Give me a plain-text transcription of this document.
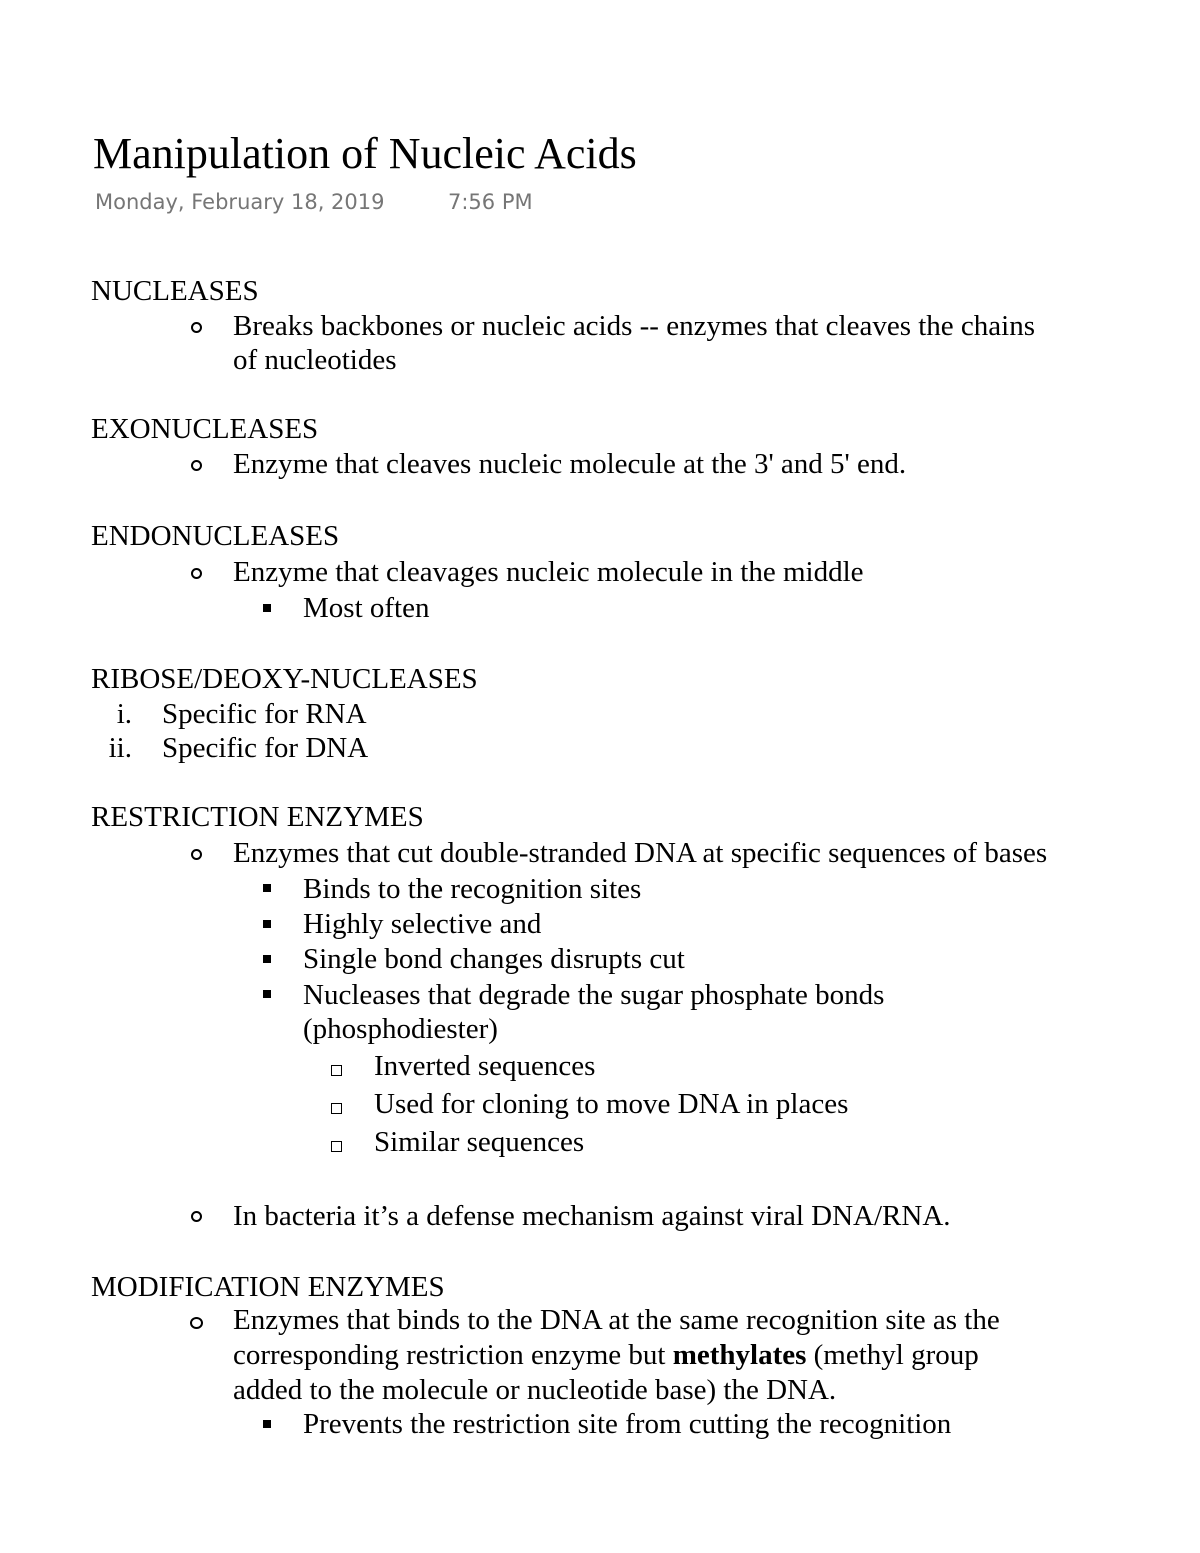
Manipulation of Nucleic Acids
Monday, February 18, 2019	7:56 PM
NUCLEASES
Breaks backbones or nucleic acids -- enzymes that cleaves the chains
of nucleotides
EXONUCLEASES
Enzyme that cleaves nucleic molecule at the 3' and 5' end.
ENDONUCLEASES
Enzyme that cleavages nucleic molecule in the middle
Most often
RIBOSE/DEOXY-NUCLEASES
i. Specific for RNA
ii. Specific for DNA
RESTRICTION ENZYMES
Enzymes that cut double-stranded DNA at specific sequences of bases
Binds to the recognition sites
Highly selective and
Single bond changes disrupts cut
Nucleases that degrade the sugar phosphate bonds
(phosphodiester)
Inverted sequences
Used for cloning to move DNA in places
Similar sequences
In bacteria it’s a defense mechanism against viral DNA/RNA.
MODIFICATION ENZYMES
Enzymes that binds to the DNA at the same recognition site as the
corresponding restriction enzyme but methylates (methyl group
added to the molecule or nucleotide base) the DNA.
Prevents the restriction site from cutting the recognition
